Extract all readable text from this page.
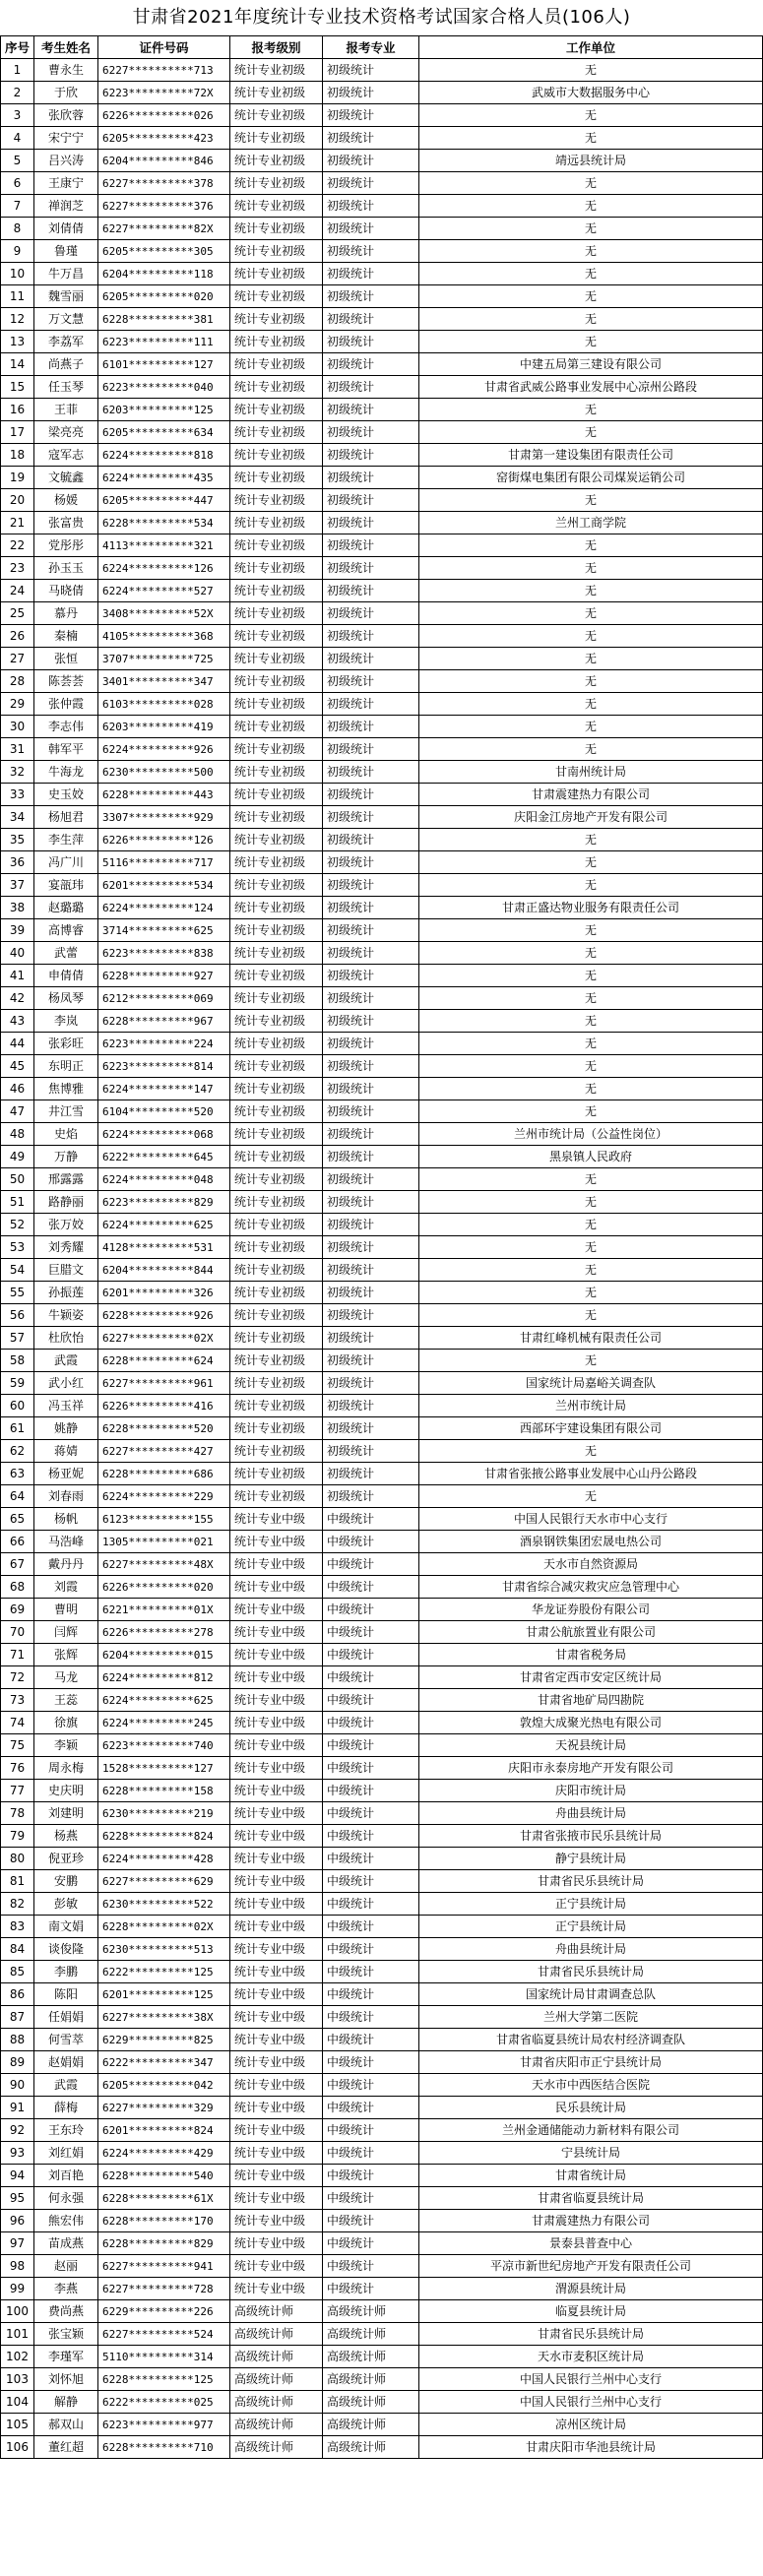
甘肃省2021年度统计专业技术资格考试国家合格人员(106人)
序号	考生姓名	证件号码	报考级别	报考专业	工作单位
1	曹永生	6227**********713	统计专业初级	初级统计	无
2	于欣	6223**********72X	统计专业初级	初级统计	武威市大数据服务中心
3	张欣蓉	6226**********026	统计专业初级	初级统计	无
4	宋宁宁	6205**********423	统计专业初级	初级统计	无
5	吕兴涛	6204**********846	统计专业初级	初级统计	靖远县统计局
6	王康宁	6227**********378	统计专业初级	初级统计	无
7	禅润芝	6227**********376	统计专业初级	初级统计	无
8	刘倩倩	6227**********82X	统计专业初级	初级统计	无
9	鲁瑾	6205**********305	统计专业初级	初级统计	无
10	牛万昌	6204**********118	统计专业初级	初级统计	无
11	魏雪丽	6205**********020	统计专业初级	初级统计	无
12	万文慧	6228**********381	统计专业初级	初级统计	无
13	李荔军	6223**********111	统计专业初级	初级统计	无
14	尚燕子	6101**********127	统计专业初级	初级统计	中建五局第三建设有限公司
15	任玉琴	6223**********040	统计专业初级	初级统计	甘肃省武威公路事业发展中心凉州公路段
16	王菲	6203**********125	统计专业初级	初级统计	无
17	梁亮亮	6205**********634	统计专业初级	初级统计	无
18	寇军志	6224**********818	统计专业初级	初级统计	甘肃第一建设集团有限责任公司
19	文毓鑫	6224**********435	统计专业初级	初级统计	窑街煤电集团有限公司煤炭运销公司
20	杨媛	6205**********447	统计专业初级	初级统计	无
21	张富贵	6228**********534	统计专业初级	初级统计	兰州工商学院
22	党彤彤	4113**********321	统计专业初级	初级统计	无
23	孙玉玉	6224**********126	统计专业初级	初级统计	无
24	马晓倩	6224**********527	统计专业初级	初级统计	无
25	慕丹	3408**********52X	统计专业初级	初级统计	无
26	秦楠	4105**********368	统计专业初级	初级统计	无
27	张恒	3707**********725	统计专业初级	初级统计	无
28	陈荟荟	3401**********347	统计专业初级	初级统计	无
29	张仲霞	6103**********028	统计专业初级	初级统计	无
30	李志伟	6203**********419	统计专业初级	初级统计	无
31	韩军平	6224**********926	统计专业初级	初级统计	无
32	牛海龙	6230**********500	统计专业初级	初级统计	甘南州统计局
33	史玉姣	6228**********443	统计专业初级	初级统计	甘肃震建热力有限公司
34	杨旭君	3307**********929	统计专业初级	初级统计	庆阳金江房地产开发有限公司
35	李生萍	6226**********126	统计专业初级	初级统计	无
36	冯广川	5116**********717	统计专业初级	初级统计	无
37	宴瓿玮	6201**********534	统计专业初级	初级统计	无
38	赵璐璐	6224**********124	统计专业初级	初级统计	甘肃正盛达物业服务有限责任公司
39	高博睿	3714**********625	统计专业初级	初级统计	无
40	武蕾	6223**********838	统计专业初级	初级统计	无
41	申倩倩	6228**********927	统计专业初级	初级统计	无
42	杨凤琴	6212**********069	统计专业初级	初级统计	无
43	李岚	6228**********967	统计专业初级	初级统计	无
44	张彩旺	6223**********224	统计专业初级	初级统计	无
45	东明正	6223**********814	统计专业初级	初级统计	无
46	焦博雅	6224**********147	统计专业初级	初级统计	无
47	井江雪	6104**********520	统计专业初级	初级统计	无
48	史焰	6224**********068	统计专业初级	初级统计	兰州市统计局（公益性岗位）
49	万静	6222**********645	统计专业初级	初级统计	黑泉镇人民政府
50	邢露露	6224**********048	统计专业初级	初级统计	无
51	路静丽	6223**********829	统计专业初级	初级统计	无
52	张万姣	6224**********625	统计专业初级	初级统计	无
53	刘秀耀	4128**********531	统计专业初级	初级统计	无
54	巨腊文	6204**********844	统计专业初级	初级统计	无
55	孙振莲	6201**********326	统计专业初级	初级统计	无
56	牛颖姿	6228**********926	统计专业初级	初级统计	无
57	杜欣怡	6227**********02X	统计专业初级	初级统计	甘肃红峰机械有限责任公司
58	武霞	6228**********624	统计专业初级	初级统计	无
59	武小红	6227**********961	统计专业初级	初级统计	国家统计局嘉峪关调查队
60	冯玉祥	6226**********416	统计专业初级	初级统计	兰州市统计局
61	姚静	6228**********520	统计专业初级	初级统计	西部环宇建设集团有限公司
62	蒋婧	6227**********427	统计专业初级	初级统计	无
63	杨亚妮	6228**********686	统计专业初级	初级统计	甘肃省张掖公路事业发展中心山丹公路段
64	刘春雨	6224**********229	统计专业初级	初级统计	无
65	杨帆	6123**********155	统计专业中级	中级统计	中国人民银行天水市中心支行
66	马浩峰	1305**********021	统计专业中级	中级统计	酒泉钢铁集团宏晟电热公司
67	戴丹丹	6227**********48X	统计专业中级	中级统计	天水市自然资源局
68	刘霞	6226**********020	统计专业中级	中级统计	甘肃省综合减灾救灾应急管理中心
69	曹明	6221**********01X	统计专业中级	中级统计	华龙证券股份有限公司
70	闫辉	6226**********278	统计专业中级	中级统计	甘肃公航旅置业有限公司
71	张辉	6204**********015	统计专业中级	中级统计	甘肃省税务局
72	马龙	6224**********812	统计专业中级	中级统计	甘肃省定西市安定区统计局
73	王蕊	6224**********625	统计专业中级	中级统计	甘肃省地矿局四勘院
74	徐旗	6224**********245	统计专业中级	中级统计	敦煌大成聚光热电有限公司
75	李颖	6223**********740	统计专业中级	中级统计	天祝县统计局
76	周永梅	1528**********127	统计专业中级	中级统计	庆阳市永泰房地产开发有限公司
77	史庆明	6228**********158	统计专业中级	中级统计	庆阳市统计局
78	刘建明	6230**********219	统计专业中级	中级统计	舟曲县统计局
79	杨燕	6228**********824	统计专业中级	中级统计	甘肃省张掖市民乐县统计局
80	倪亚珍	6224**********428	统计专业中级	中级统计	静宁县统计局
81	安鹏	6227**********629	统计专业中级	中级统计	甘肃省民乐县统计局
82	彭敏	6230**********522	统计专业中级	中级统计	正宁县统计局
83	南文娟	6228**********02X	统计专业中级	中级统计	正宁县统计局
84	谈俊隆	6230**********513	统计专业中级	中级统计	舟曲县统计局
85	李鹏	6222**********125	统计专业中级	中级统计	甘肃省民乐县统计局
86	陈阳	6201**********125	统计专业中级	中级统计	国家统计局甘肃调查总队
87	任娟娟	6227**********38X	统计专业中级	中级统计	兰州大学第二医院
88	何雪萃	6229**********825	统计专业中级	中级统计	甘肃省临夏县统计局农村经济调查队
89	赵娟娟	6222**********347	统计专业中级	中级统计	甘肃省庆阳市正宁县统计局
90	武霞	6205**********042	统计专业中级	中级统计	天水市中西医结合医院
91	薛梅	6227**********329	统计专业中级	中级统计	民乐县统计局
92	王东玲	6201**********824	统计专业中级	中级统计	兰州金通储能动力新材料有限公司
93	刘红娟	6224**********429	统计专业中级	中级统计	宁县统计局
94	刘百艳	6228**********540	统计专业中级	中级统计	甘肃省统计局
95	何永强	6228**********61X	统计专业中级	中级统计	甘肃省临夏县统计局
96	熊宏伟	6228**********170	统计专业中级	中级统计	甘肃震建热力有限公司
97	苗成燕	6228**********829	统计专业中级	中级统计	景泰县普查中心
98	赵丽	6227**********941	统计专业中级	中级统计	平凉市新世纪房地产开发有限责任公司
99	李燕	6227**********728	统计专业中级	中级统计	渭源县统计局
100	费尚燕	6229**********226	高级统计师	高级统计师	临夏县统计局
101	张宝颖	6227**********524	高级统计师	高级统计师	甘肃省民乐县统计局
102	李瑾军	5110**********314	高级统计师	高级统计师	天水市麦积区统计局
103	刘怀旭	6228**********125	高级统计师	高级统计师	中国人民银行兰州中心支行
104	解静	6222**********025	高级统计师	高级统计师	中国人民银行兰州中心支行
105	郝双山	6223**********977	高级统计师	高级统计师	凉州区统计局
106	董红超	6228**********710	高级统计师	高级统计师	甘肃庆阳市华池县统计局
